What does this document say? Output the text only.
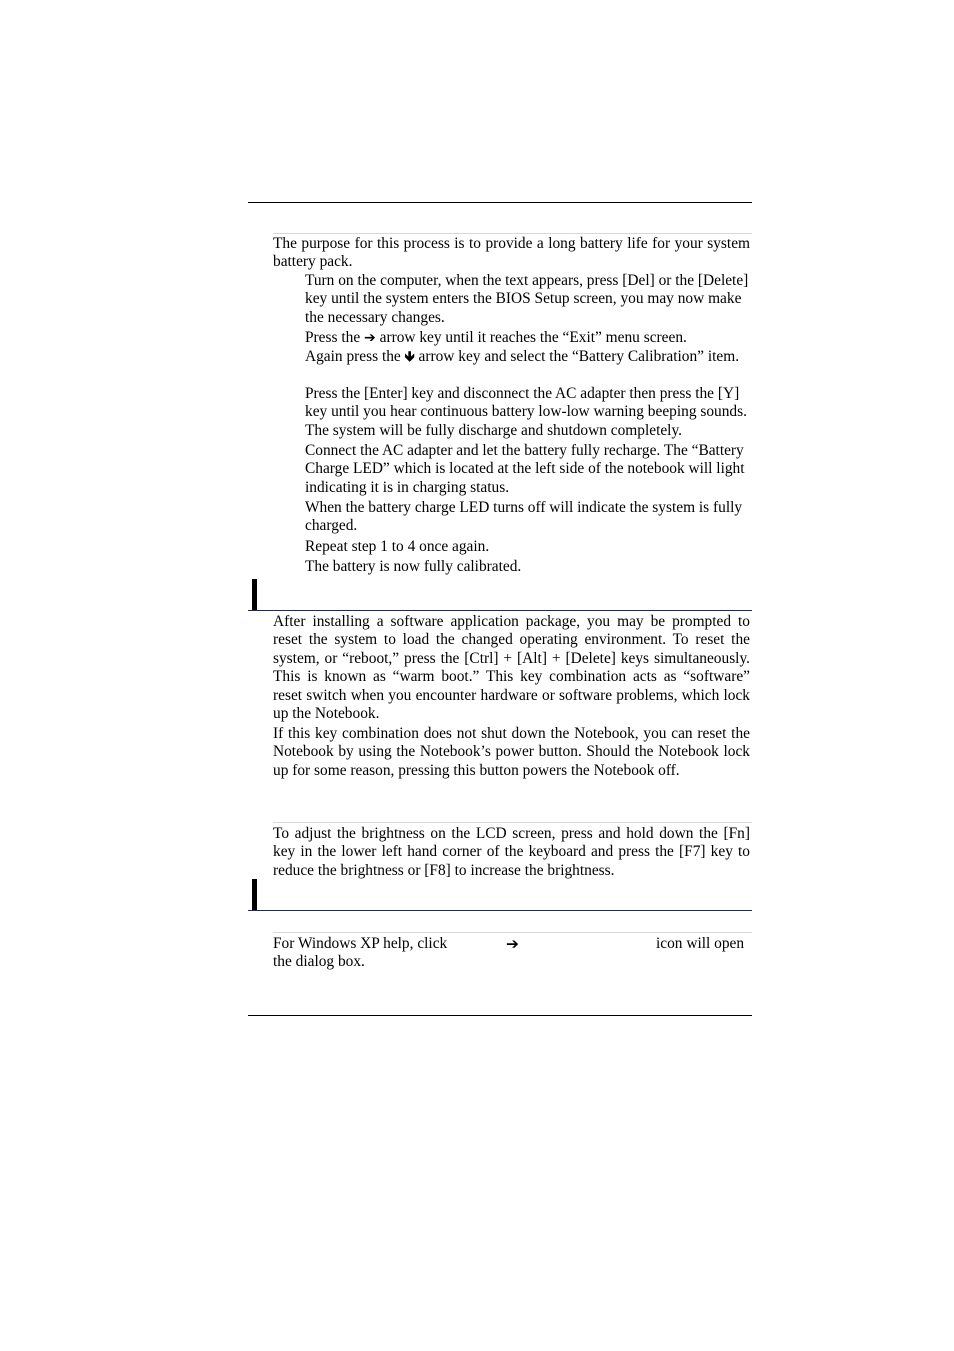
The purpose for this process is to provide a long battery life for your system battery pack.

Turn on the computer, when the text appears, press [Del] or the [Delete] key until the system enters the BIOS Setup screen, you may now make the necessary changes.

Press the ➔ arrow key until it reaches the “Exit” menu screen.

Again press the 🡻 arrow key and select the “Battery Calibration” item.

Press the [Enter] key and disconnect the AC adapter then press the [Y] key until you hear continuous battery low-low warning beeping sounds. The system will be fully discharge and shutdown completely.

Connect the AC adapter and let the battery fully recharge. The “Battery Charge LED” which is located at the left side of the notebook will light indicating it is in charging status.

When the battery charge LED turns off will indicate the system is fully charged.

Repeat step 1 to 4 once again.

The battery is now fully calibrated.

After installing a software application package, you may be prompted to reset the system to load the changed operating environment. To reset the system, or “reboot,” press the [Ctrl] + [Alt] + [Delete] keys simultaneously. This is known as “warm boot.” This key combination acts as “software” reset switch when you encounter hardware or software problems, which lock up the Notebook.

If this key combination does not shut down the Notebook, you can reset the Notebook by using the Notebook’s power button. Should the Notebook lock up for some reason, pressing this button powers the Notebook off.

To adjust the brightness on the LCD screen, press and hold down the [Fn] key in the lower left hand corner of the keyboard and press the [F7] key to reduce the brightness or [F8] to increase the brightness.

For Windows XP help, click	➔	icon will open

the dialog box.
